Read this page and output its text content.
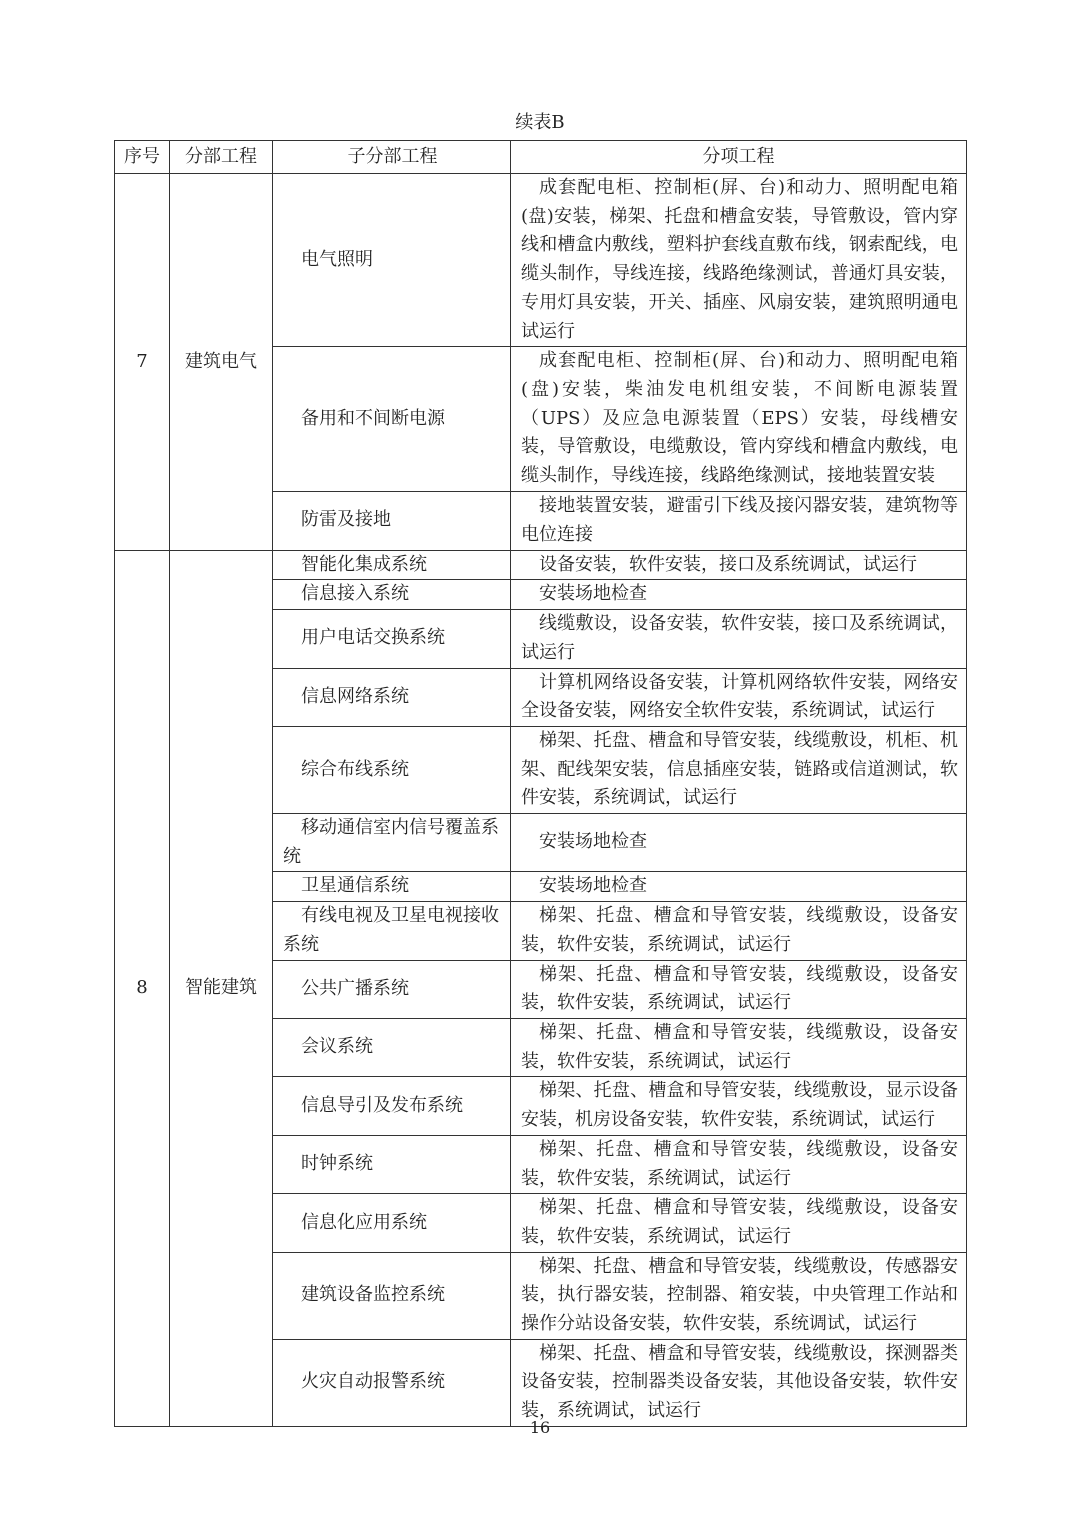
续表B
序号	分部工程	子分部工程	分项工程
7	建筑电气	电气照明	成套配电柜、控制柜(屏、台)和动力、照明配电箱(盘)安装，梯架、托盘和槽盒安装，导管敷设，管内穿线和槽盒内敷线，塑料护套线直敷布线，钢索配线，电缆头制作，导线连接，线路绝缘测试，普通灯具安装，专用灯具安装，开关、插座、风扇安装，建筑照明通电试运行
		备用和不间断电源	成套配电柜、控制柜(屏、台)和动力、照明配电箱(盘)安装，柴油发电机组安装，不间断电源装置（UPS）及应急电源装置（EPS）安装，母线槽安装，导管敷设，电缆敷设，管内穿线和槽盒内敷线，电缆头制作，导线连接，线路绝缘测试，接地装置安装
		防雷及接地	接地装置安装，避雷引下线及接闪器安装，建筑物等电位连接
8	智能建筑	智能化集成系统	设备安装，软件安装，接口及系统调试，试运行
		信息接入系统	安装场地检查
		用户电话交换系统	线缆敷设，设备安装，软件安装，接口及系统调试，试运行
		信息网络系统	计算机网络设备安装，计算机网络软件安装，网络安全设备安装，网络安全软件安装，系统调试，试运行
		综合布线系统	梯架、托盘、槽盒和导管安装，线缆敷设，机柜、机架、配线架安装，信息插座安装，链路或信道测试，软件安装，系统调试，试运行
		移动通信室内信号覆盖系统	安装场地检查
		卫星通信系统	安装场地检查
		有线电视及卫星电视接收系统	梯架、托盘、槽盒和导管安装，线缆敷设，设备安装，软件安装，系统调试，试运行
		公共广播系统	梯架、托盘、槽盒和导管安装，线缆敷设，设备安装，软件安装，系统调试，试运行
		会议系统	梯架、托盘、槽盒和导管安装，线缆敷设，设备安装，软件安装，系统调试，试运行
		信息导引及发布系统	梯架、托盘、槽盒和导管安装，线缆敷设，显示设备安装，机房设备安装，软件安装，系统调试，试运行
		时钟系统	梯架、托盘、槽盒和导管安装，线缆敷设，设备安装，软件安装，系统调试，试运行
		信息化应用系统	梯架、托盘、槽盒和导管安装，线缆敷设，设备安装，软件安装，系统调试，试运行
		建筑设备监控系统	梯架、托盘、槽盒和导管安装，线缆敷设，传感器安装，执行器安装，控制器、箱安装，中央管理工作站和操作分站设备安装，软件安装，系统调试，试运行
		火灾自动报警系统	梯架、托盘、槽盒和导管安装，线缆敷设，探测器类设备安装，控制器类设备安装，其他设备安装，软件安装，系统调试，试运行
16
